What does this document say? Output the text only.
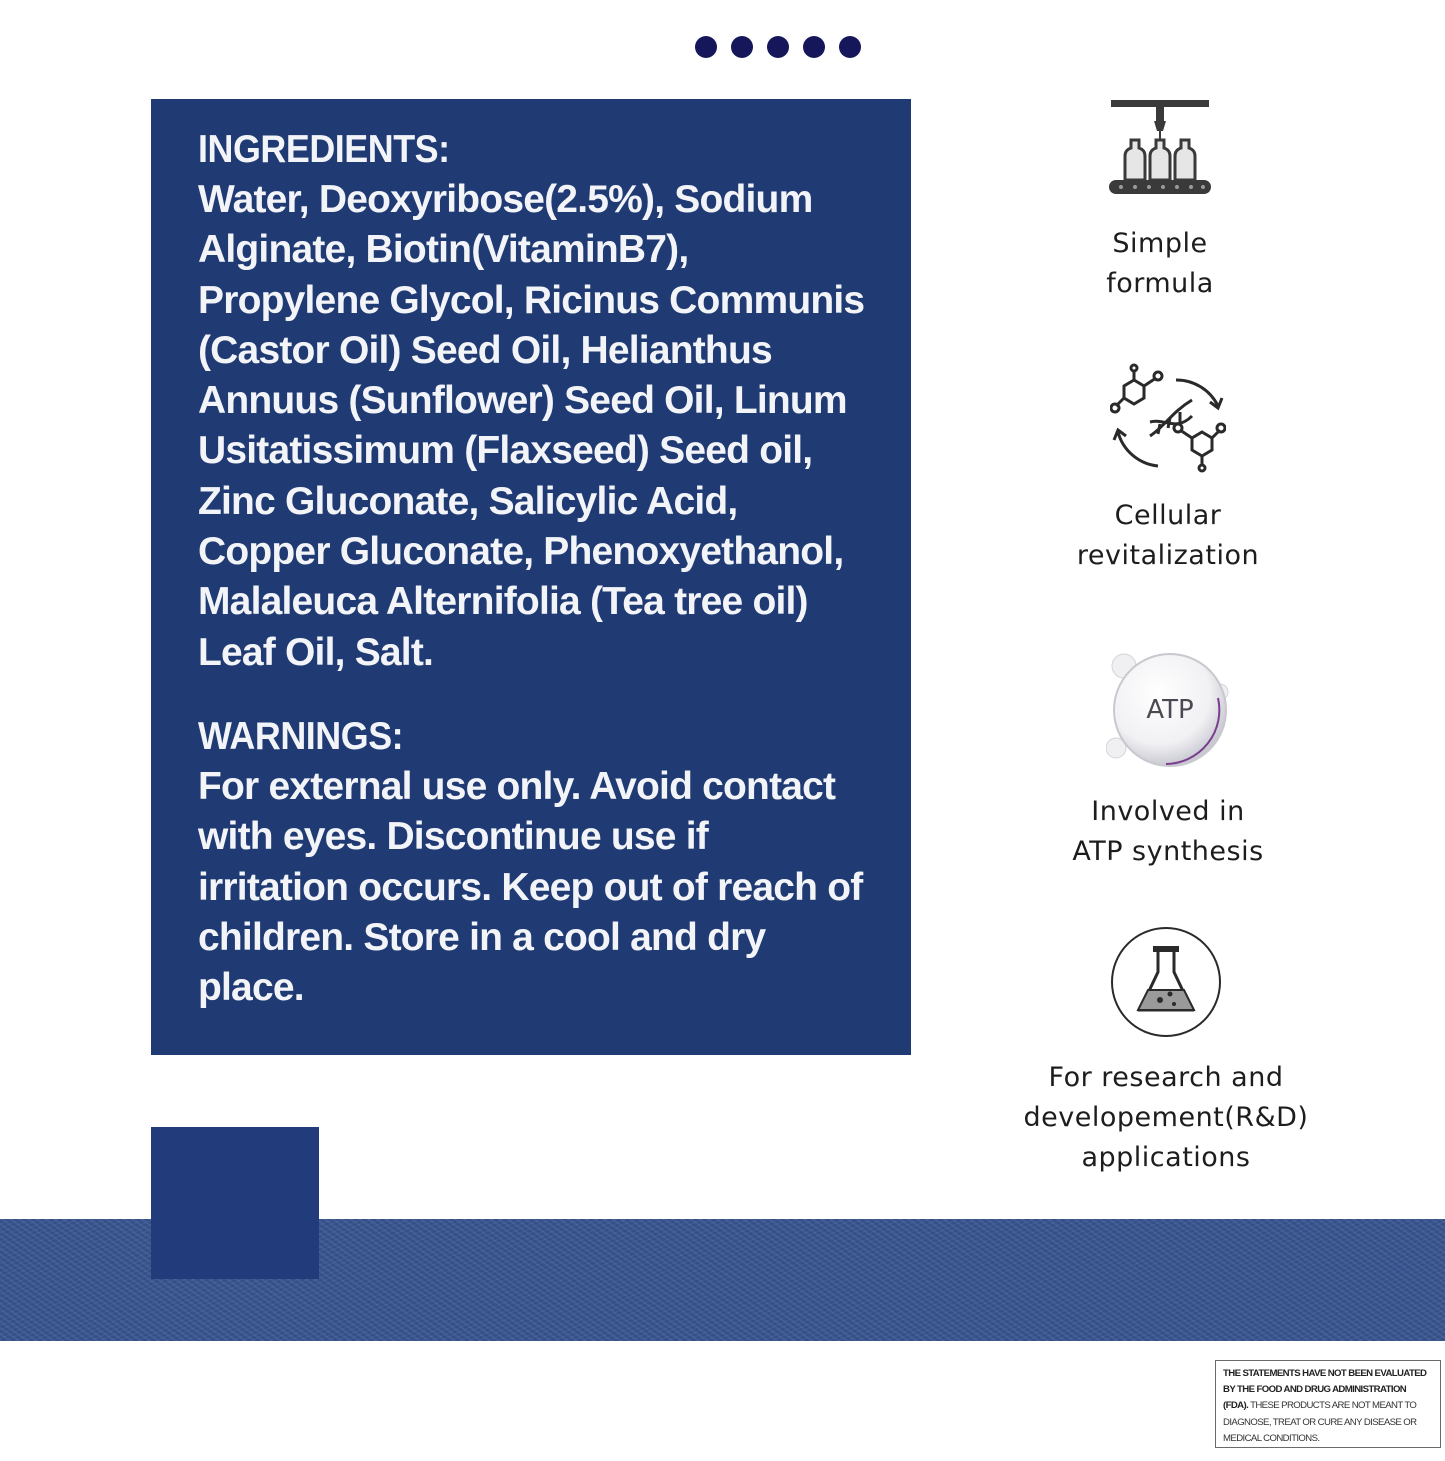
INGREDIENTS:

Water, Deoxyribose(2.5%), Sodium
Alginate, Biotin(VitaminB7),
Propylene Glycol, Ricinus Communis
(Castor Oil) Seed Oil, Helianthus
Annuus (Sunflower) Seed Oil, Linum
Usitatissimum (Flaxseed) Seed oil,
Zinc Gluconate, Salicylic Acid,
Copper Gluconate, Phenoxyethanol,
Malaleuca Alternifolia (Tea tree oil)
Leaf Oil, Salt.

WARNINGS:

For external use only. Avoid contact
with eyes. Discontinue use if
irritation occurs. Keep out of reach of
children. Store in a cool and dry
place.

Simple
formula
Cellular
revitalization
ATP
Involved in
ATP synthesis
For research and
developement(R&D)
applications
THE STATEMENTS HAVE NOT BEEN EVALUATED BY THE FOOD AND DRUG ADMINISTRATION (FDA). THESE PRODUCTS ARE NOT MEANT TO DIAGNOSE, TREAT OR CURE ANY DISEASE OR MEDICAL CONDITIONS.
